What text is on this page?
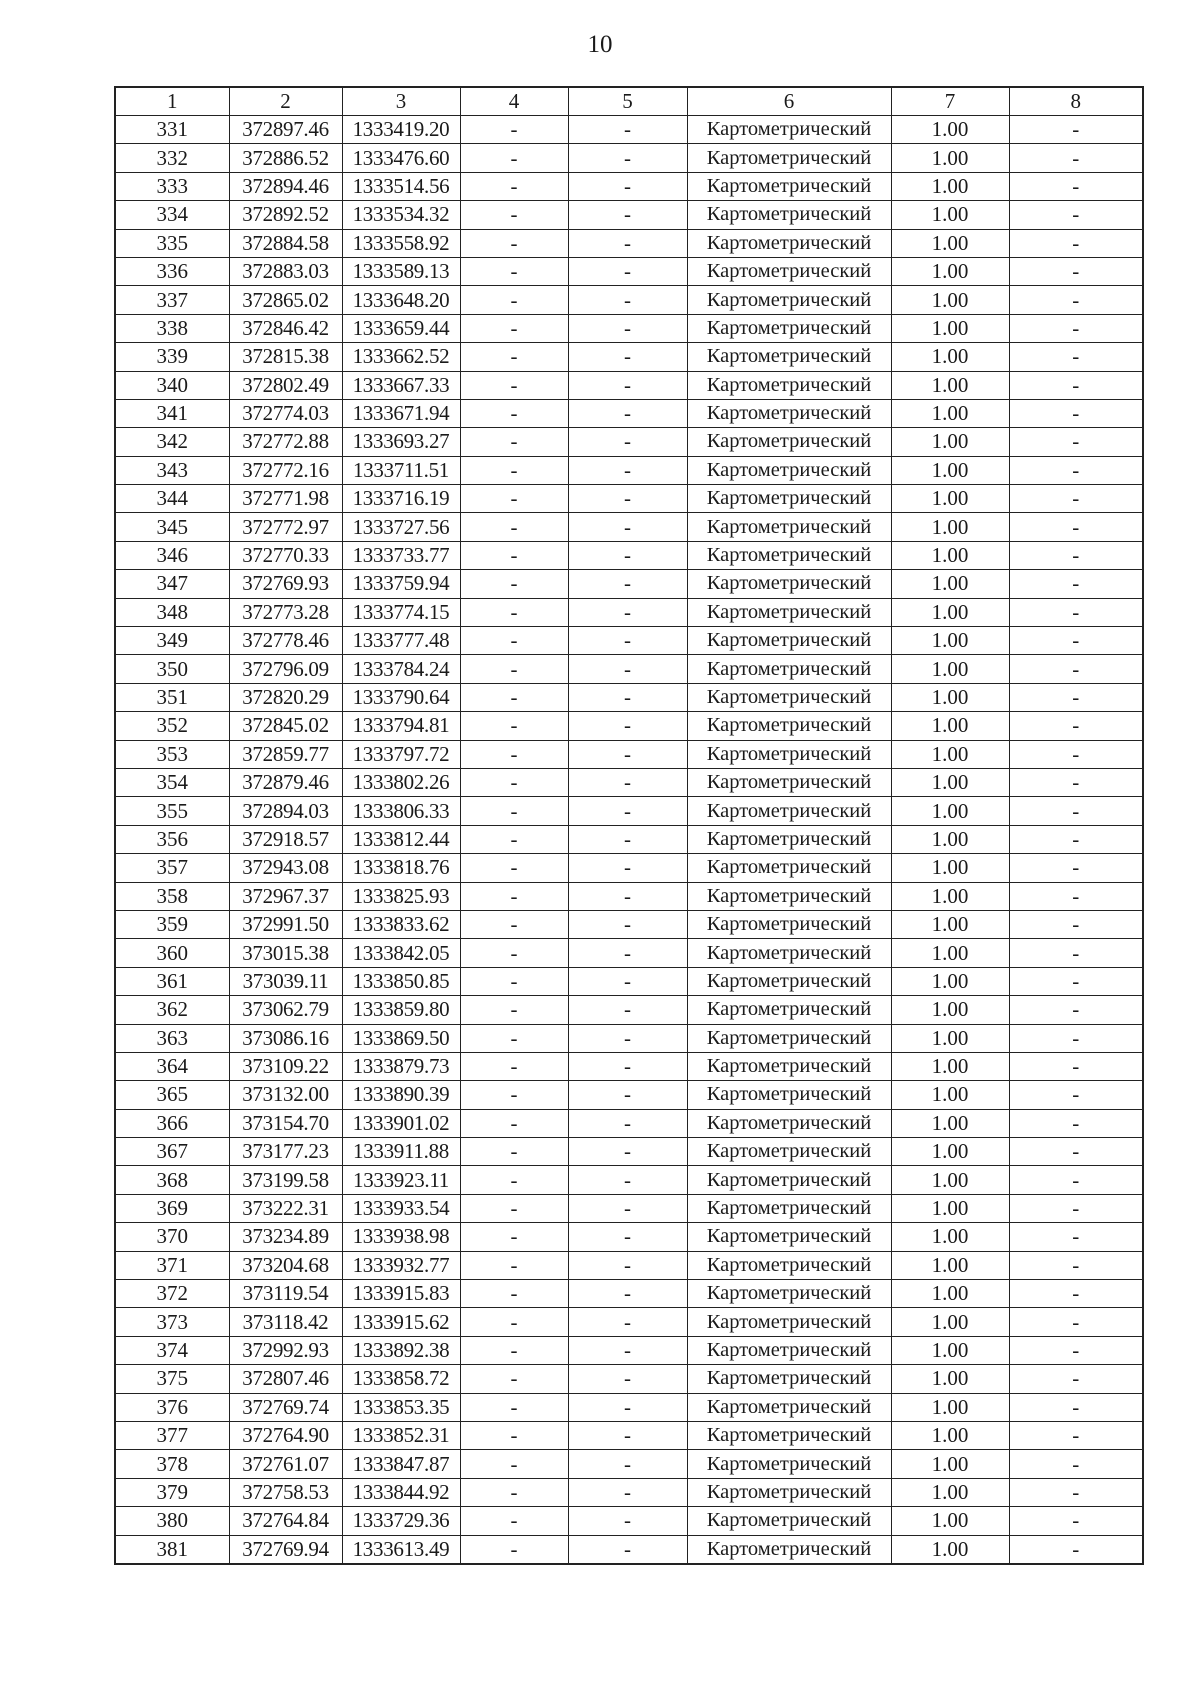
10
1	2	3	4	5	6	7	8
331	372897.46	1333419.20	-	-	Картометрический	1.00	-
332	372886.52	1333476.60	-	-	Картометрический	1.00	-
333	372894.46	1333514.56	-	-	Картометрический	1.00	-
334	372892.52	1333534.32	-	-	Картометрический	1.00	-
335	372884.58	1333558.92	-	-	Картометрический	1.00	-
336	372883.03	1333589.13	-	-	Картометрический	1.00	-
337	372865.02	1333648.20	-	-	Картометрический	1.00	-
338	372846.42	1333659.44	-	-	Картометрический	1.00	-
339	372815.38	1333662.52	-	-	Картометрический	1.00	-
340	372802.49	1333667.33	-	-	Картометрический	1.00	-
341	372774.03	1333671.94	-	-	Картометрический	1.00	-
342	372772.88	1333693.27	-	-	Картометрический	1.00	-
343	372772.16	1333711.51	-	-	Картометрический	1.00	-
344	372771.98	1333716.19	-	-	Картометрический	1.00	-
345	372772.97	1333727.56	-	-	Картометрический	1.00	-
346	372770.33	1333733.77	-	-	Картометрический	1.00	-
347	372769.93	1333759.94	-	-	Картометрический	1.00	-
348	372773.28	1333774.15	-	-	Картометрический	1.00	-
349	372778.46	1333777.48	-	-	Картометрический	1.00	-
350	372796.09	1333784.24	-	-	Картометрический	1.00	-
351	372820.29	1333790.64	-	-	Картометрический	1.00	-
352	372845.02	1333794.81	-	-	Картометрический	1.00	-
353	372859.77	1333797.72	-	-	Картометрический	1.00	-
354	372879.46	1333802.26	-	-	Картометрический	1.00	-
355	372894.03	1333806.33	-	-	Картометрический	1.00	-
356	372918.57	1333812.44	-	-	Картометрический	1.00	-
357	372943.08	1333818.76	-	-	Картометрический	1.00	-
358	372967.37	1333825.93	-	-	Картометрический	1.00	-
359	372991.50	1333833.62	-	-	Картометрический	1.00	-
360	373015.38	1333842.05	-	-	Картометрический	1.00	-
361	373039.11	1333850.85	-	-	Картометрический	1.00	-
362	373062.79	1333859.80	-	-	Картометрический	1.00	-
363	373086.16	1333869.50	-	-	Картометрический	1.00	-
364	373109.22	1333879.73	-	-	Картометрический	1.00	-
365	373132.00	1333890.39	-	-	Картометрический	1.00	-
366	373154.70	1333901.02	-	-	Картометрический	1.00	-
367	373177.23	1333911.88	-	-	Картометрический	1.00	-
368	373199.58	1333923.11	-	-	Картометрический	1.00	-
369	373222.31	1333933.54	-	-	Картометрический	1.00	-
370	373234.89	1333938.98	-	-	Картометрический	1.00	-
371	373204.68	1333932.77	-	-	Картометрический	1.00	-
372	373119.54	1333915.83	-	-	Картометрический	1.00	-
373	373118.42	1333915.62	-	-	Картометрический	1.00	-
374	372992.93	1333892.38	-	-	Картометрический	1.00	-
375	372807.46	1333858.72	-	-	Картометрический	1.00	-
376	372769.74	1333853.35	-	-	Картометрический	1.00	-
377	372764.90	1333852.31	-	-	Картометрический	1.00	-
378	372761.07	1333847.87	-	-	Картометрический	1.00	-
379	372758.53	1333844.92	-	-	Картометрический	1.00	-
380	372764.84	1333729.36	-	-	Картометрический	1.00	-
381	372769.94	1333613.49	-	-	Картометрический	1.00	-
